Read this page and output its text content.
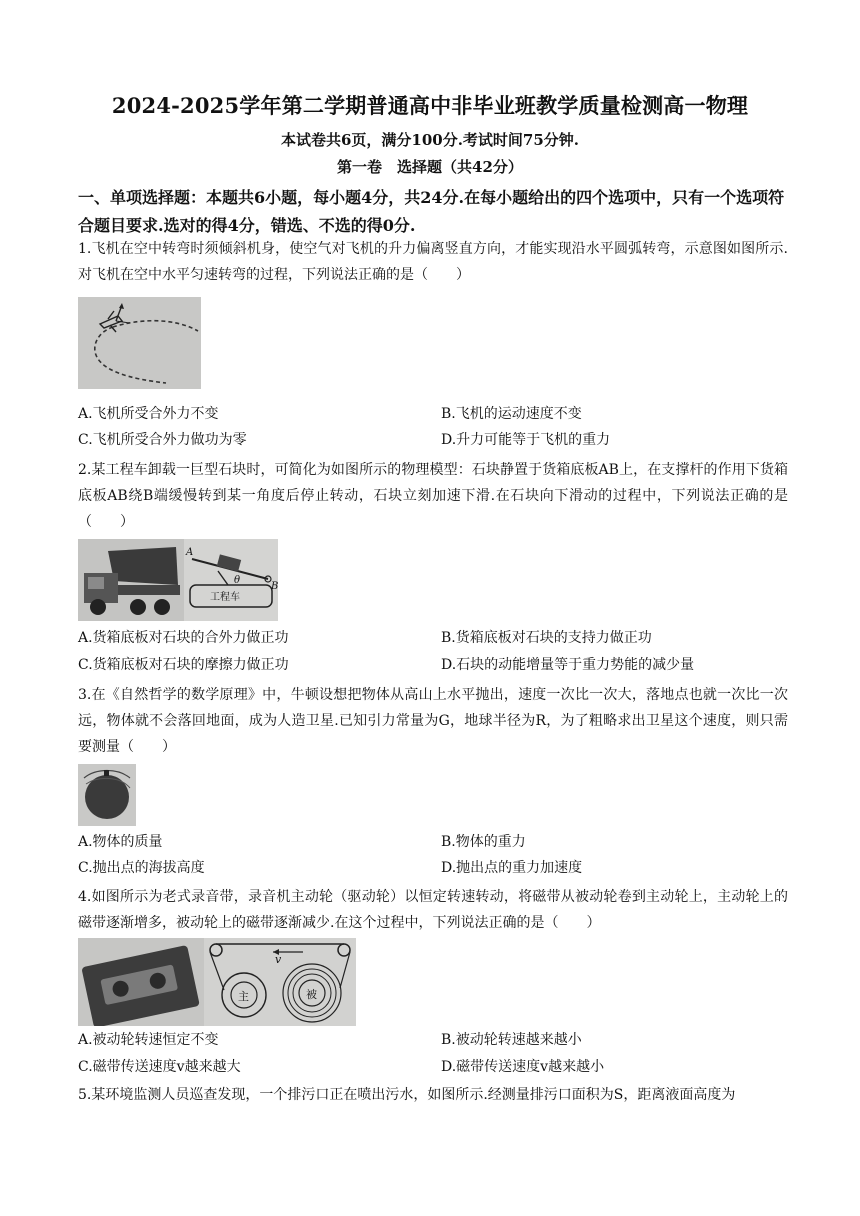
2024-2025学年第二学期普通高中非毕业班教学质量检测高一物理
本试卷共6页，满分100分.考试时间75分钟.
第一卷　选择题（共42分）
一、单项选择题：本题共6小题，每小题4分，共24分.在每小题给出的四个选项中，只有一个选项符合题目要求.选对的得4分，错选、不选的得0分.
1.飞机在空中转弯时须倾斜机身，使空气对飞机的升力偏离竖直方向，才能实现沿水平圆弧转弯，示意图如图所示.对飞机在空中水平匀速转弯的过程，下列说法正确的是（　　）
A.飞机所受合外力不变	B.飞机的运动速度不变
C.飞机所受合外力做功为零	D.升力可能等于飞机的重力
2.某工程车卸载一巨型石块时，可简化为如图所示的物理模型：石块静置于货箱底板AB上，在支撑杆的作用下货箱底板AB绕B端缓慢转到某一角度后停止转动，石块立刻加速下滑.在石块向下滑动的过程中，下列说法正确的是（　　）
A
B
θ
工程车
A.货箱底板对石块的合外力做正功	B.货箱底板对石块的支持力做正功
C.货箱底板对石块的摩擦力做正功	D.石块的动能增量等于重力势能的减少量
3.在《自然哲学的数学原理》中，牛顿设想把物体从高山上水平抛出，速度一次比一次大，落地点也就一次比一次远，物体就不会落回地面，成为人造卫星.已知引力常量为G，地球半径为R，为了粗略求出卫星这个速度，则只需要测量（　　）
A.物体的质量	B.物体的重力
C.抛出点的海拔高度	D.抛出点的重力加速度
4.如图所示为老式录音带，录音机主动轮（驱动轮）以恒定转速转动，将磁带从被动轮卷到主动轮上，主动轮上的磁带逐渐增多，被动轮上的磁带逐渐减少.在这个过程中，下列说法正确的是（　　）
v
主	被
A.被动轮转速恒定不变	B.被动轮转速越来越小
C.磁带传送速度v越来越大	D.磁带传送速度v越来越小
5.某环境监测人员巡查发现，一个排污口正在喷出污水，如图所示.经测量排污口面积为S，距离液面高度为
